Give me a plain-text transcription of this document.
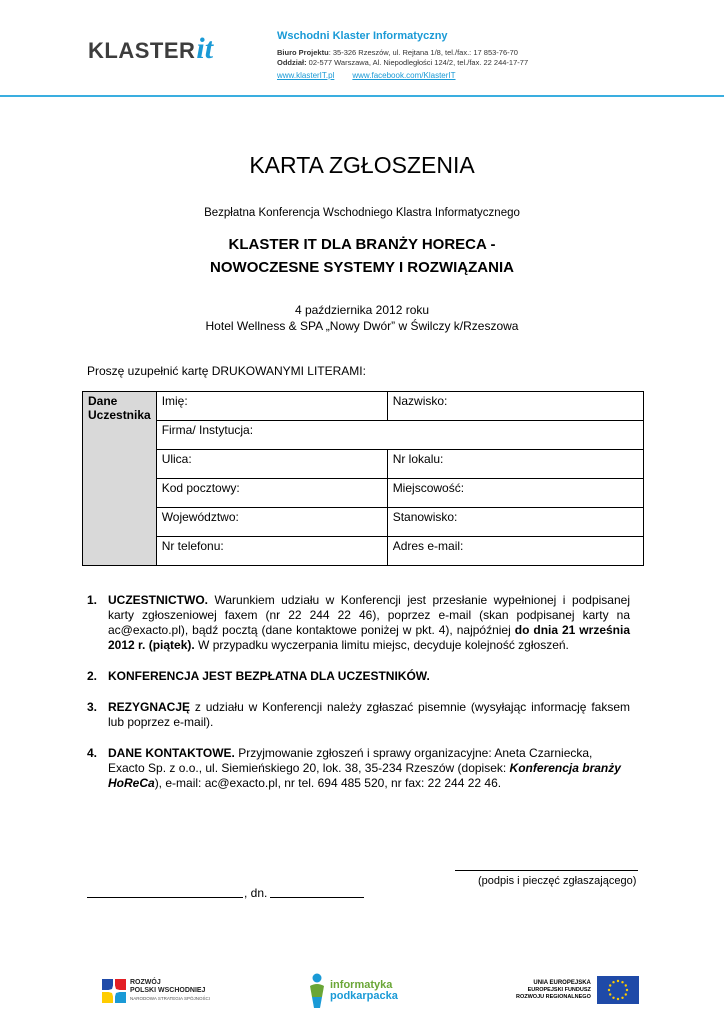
KLASTER it	Wschodni Klaster Informatyczny
Biuro Projektu: 35-326 Rzeszów, ul. Rejtana 1/8, tel./fax.: 17 853-76-70
Oddział: 02-577 Warszawa, Al. Niepodległości 124/2, tel./fax. 22 244-17-77
www.klasterIT.pl www.facebook.com/KlasterIT
KARTA ZGŁOSZENIA
Bezpłatna Konferencja Wschodniego Klastra Informatycznego
KLASTER IT DLA BRANŻY HORECA -
NOWOCZESNE SYSTEMY I ROZWIĄZANIA
4 października 2012 roku
Hotel Wellness & SPA „Nowy Dwór” w Świlczy k/Rzeszowa
Proszę uzupełnić kartę DRUKOWANYMI LITERAMI:
Dane Uczestnika	Imię:	Nazwisko:
	Firma/ Instytucja:	
	Ulica:	Nr lokalu:
	Kod pocztowy:	Miejscowość:
	Województwo:	Stanowisko:
	Nr telefonu:	Adres e-mail:
1. UCZESTNICTWO. Warunkiem udziału w Konferencji jest przesłanie wypełnionej i podpisanej karty zgłoszeniowej faxem (nr 22 244 22 46), poprzez e-mail (skan podpisanej karty na ac@exacto.pl), bądź pocztą (dane kontaktowe poniżej w pkt. 4), najpóźniej do dnia 21 września 2012 r. (piątek). W przypadku wyczerpania limitu miejsc, decyduje kolejność zgłoszeń.
2. KONFERENCJA JEST BEZPŁATNA DLA UCZESTNIKÓW.
3. REZYGNACJĘ z udziału w Konferencji należy zgłaszać pisemnie (wysyłając informację faksem lub poprzez e-mail).
4. DANE KONTAKTOWE. Przyjmowanie zgłoszeń i sprawy organizacyjne: Aneta Czarniecka, Exacto Sp. z o.o., ul. Siemieńskiego 20, lok. 38, 35-234 Rzeszów (dopisek: Konferencja branży HoReCa), e-mail: ac@exacto.pl, nr tel. 694 485 520, nr fax: 22 244 22 46.
(podpis i pieczęć zgłaszającego)
, dn.
ROZWÓJ
POLSKI WSCHODNIEJ
NARODOWA STRATEGIA SPÓJNOŚCI
informatyka
podkarpacka
UNIA EUROPEJSKA
EUROPEJSKI FUNDUSZ
ROZWOJU REGIONALNEGO
